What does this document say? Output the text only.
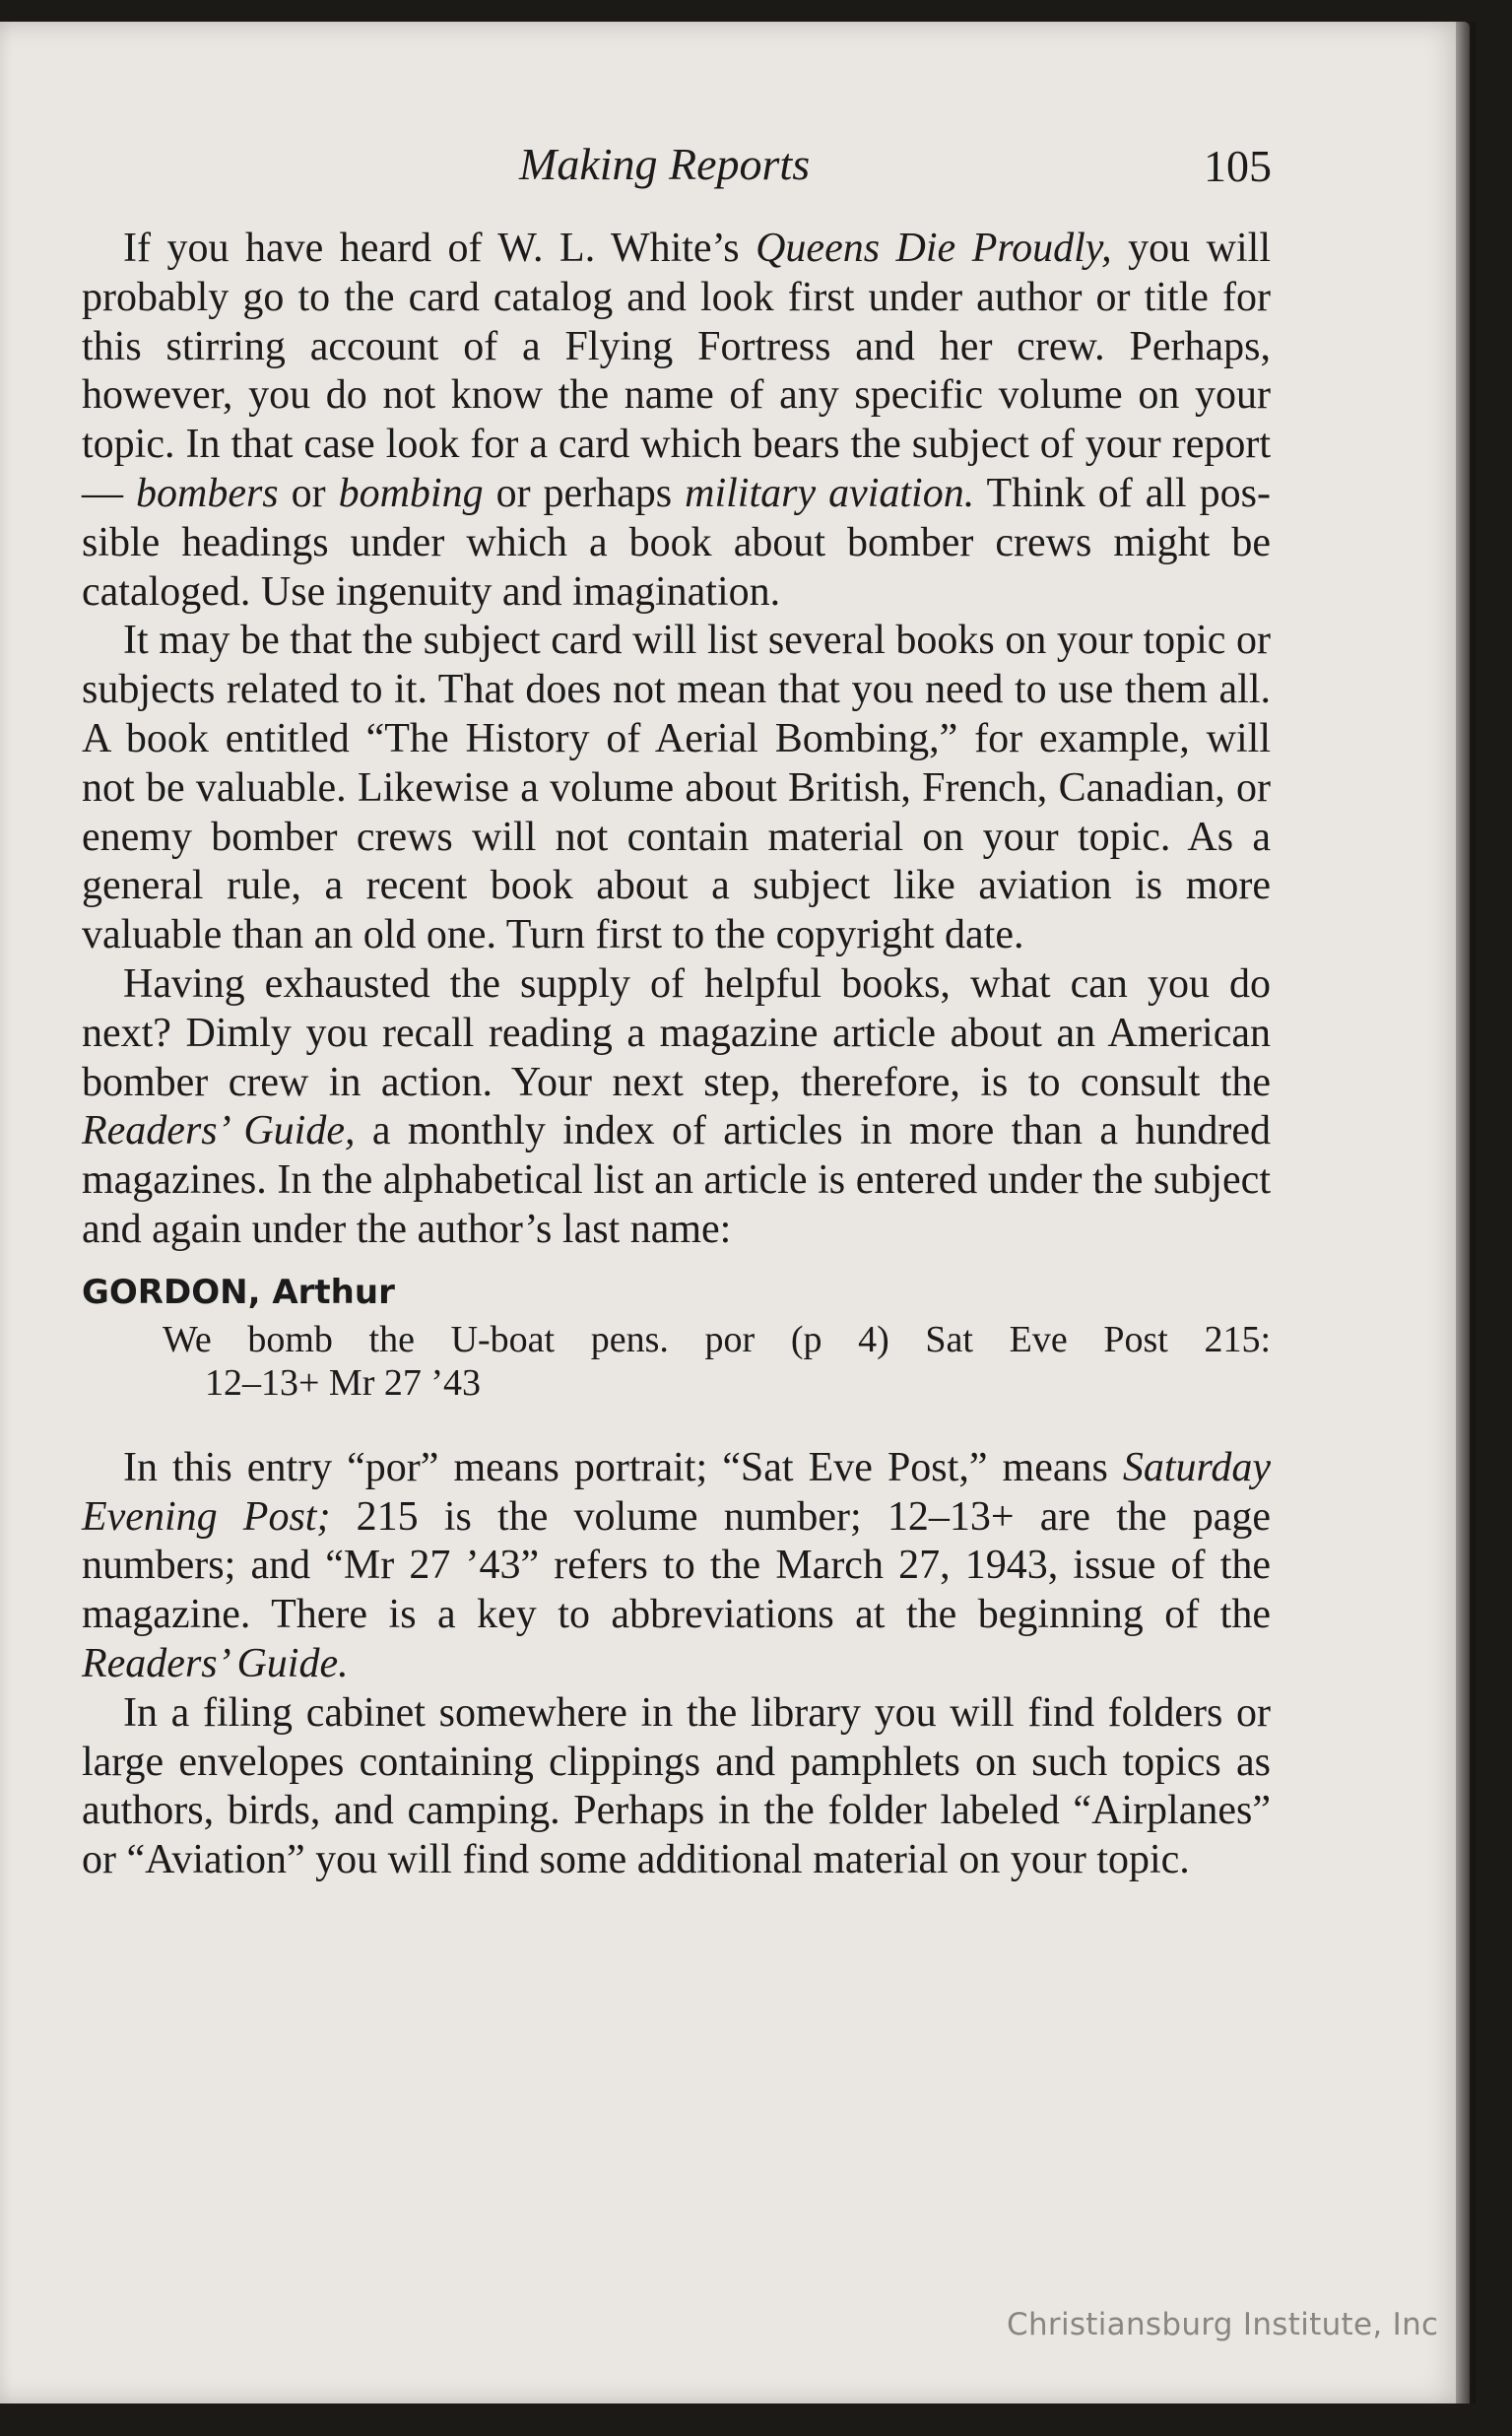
Making Reports	105

If you have heard of W. L. White’s Queens Die Proudly, you will probably go to the card catalog and look first under author or title for this stirring account of a Flying Fortress and her crew. Perhaps, however, you do not know the name of any specific volume on your topic. In that case look for a card which bears the subject of your report — bombers or bombing or perhaps military aviation. Think of all possible headings under which a book about bomber crews might be cataloged. Use ingenuity and imagination.

It may be that the subject card will list several books on your topic or subjects related to it. That does not mean that you need to use them all. A book entitled “The History of Aerial Bombing,” for example, will not be valuable. Likewise a volume about British, French, Canadian, or enemy bomber crews will not contain material on your topic. As a general rule, a recent book about a subject like aviation is more valuable than an old one. Turn first to the copyright date.

Having exhausted the supply of helpful books, what can you do next? Dimly you recall reading a magazine article about an American bomber crew in action. Your next step, therefore, is to consult the Readers’ Guide, a monthly index of articles in more than a hundred magazines. In the alphabetical list an article is entered under the subject and again under the author’s last name:

GORDON, Arthur
We bomb the U-boat pens. por (p 4) Sat Eve Post 215:
12–13+ Mr 27 ’43

In this entry “por” means portrait; “Sat Eve Post,” means Saturday Evening Post; 215 is the volume number; 12–13+ are the page numbers; and “Mr 27 ’43” refers to the March 27, 1943, issue of the magazine. There is a key to abbreviations at the beginning of the Readers’ Guide.

In a filing cabinet somewhere in the library you will find folders or large envelopes containing clippings and pamphlets on such topics as authors, birds, and camping. Perhaps in the folder labeled “Airplanes” or “Aviation” you will find some additional material on your topic.

Christiansburg Institute, Inc
